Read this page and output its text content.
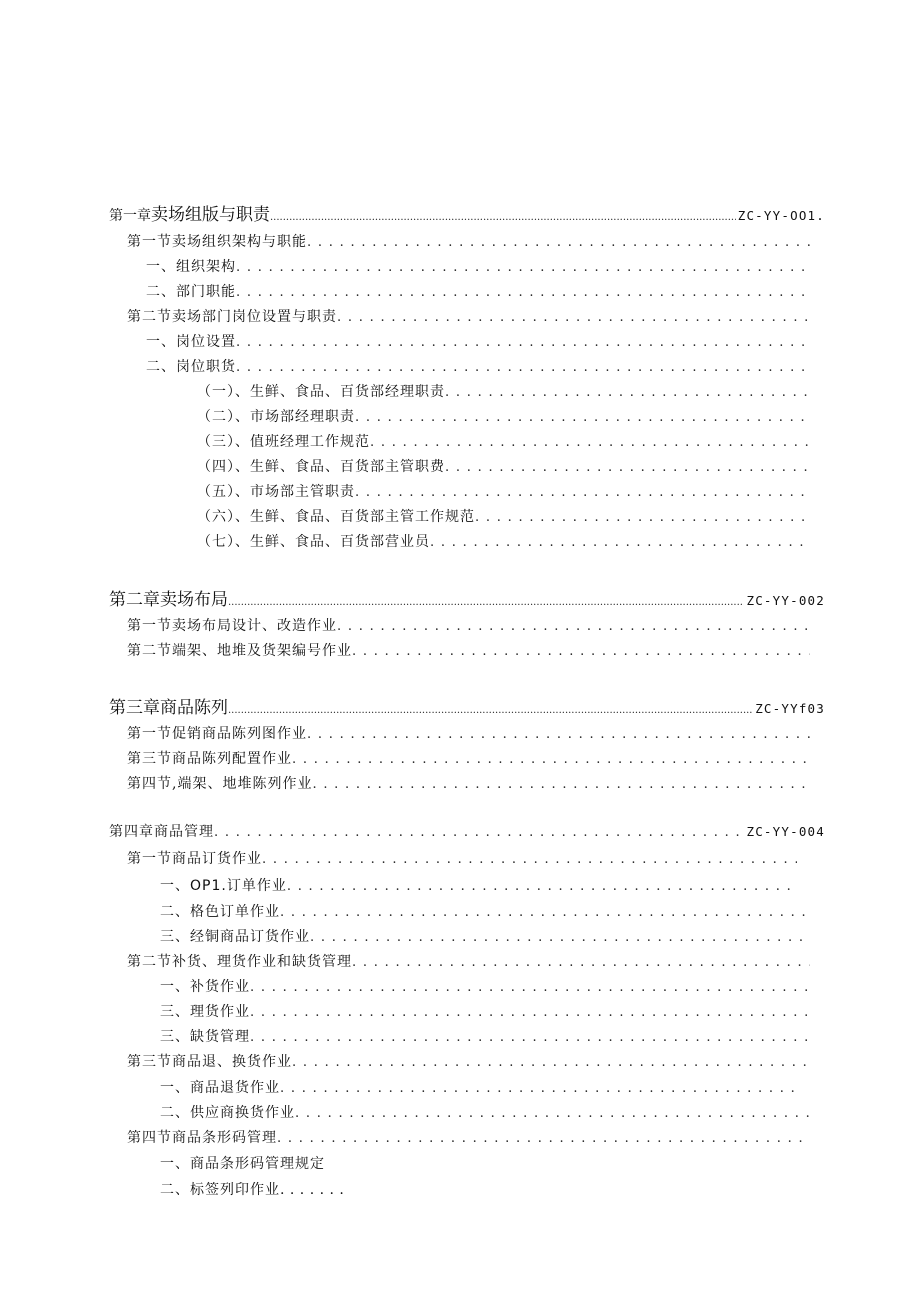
第一章 卖场组版与职责 .....	ZC-YY-OO1.
第一节卖场组织架构与职能
. . .
一、组织架构
. . .
二、部门职能
. . .
第二节卖场部门岗位设置与职责
. . .
一、岗位设置
. . .
二、岗位职货
. . .
（一）、生鲜、食品、百货部经理职责
. . .
（二）、市场部经理职责
. . .
（三）、值班经理工作规范
. . .
（四）、生鲜、食品、百货部主管职费
. . .
（五）、市场部主管职责
. . .
（六）、生鲜、食品、百货部主管工作规范
. . .
（七）、生鲜、食品、百货部营业员
. . .
第二章卖场布局 .....	ZC-YY-002
第一节卖场布局设计、改造作业
. . .
第二节端架、地堆及货架编号作业
. . .
第三章商品陈列 .....	ZC-YYf03
第一节促销商品陈列图作业
. . .
第三节商品陈列配置作业
. . .
第四节,端架、地堆陈列作业
. . .
第四章商品管理 . . .	ZC-YY-004
第一节商品订货作业
. . .
一、OP1.订单作业
. . .
二、格色订单作业
. . .
三、经铜商品订货作业
. . .
第二节补货、理货作业和缺货管理
. . .
一、补货作业
. . .
三、理货作业
. . .
三、缺货管理
. . .
第三节商品退、换货作业
. . .
一、商品退货作业
. . .
二、供应商换货作业
. . .
第四节商品条形码管理
. . .
一、商品条形码管理规定
二、标签列印作业 . . . . . . .
